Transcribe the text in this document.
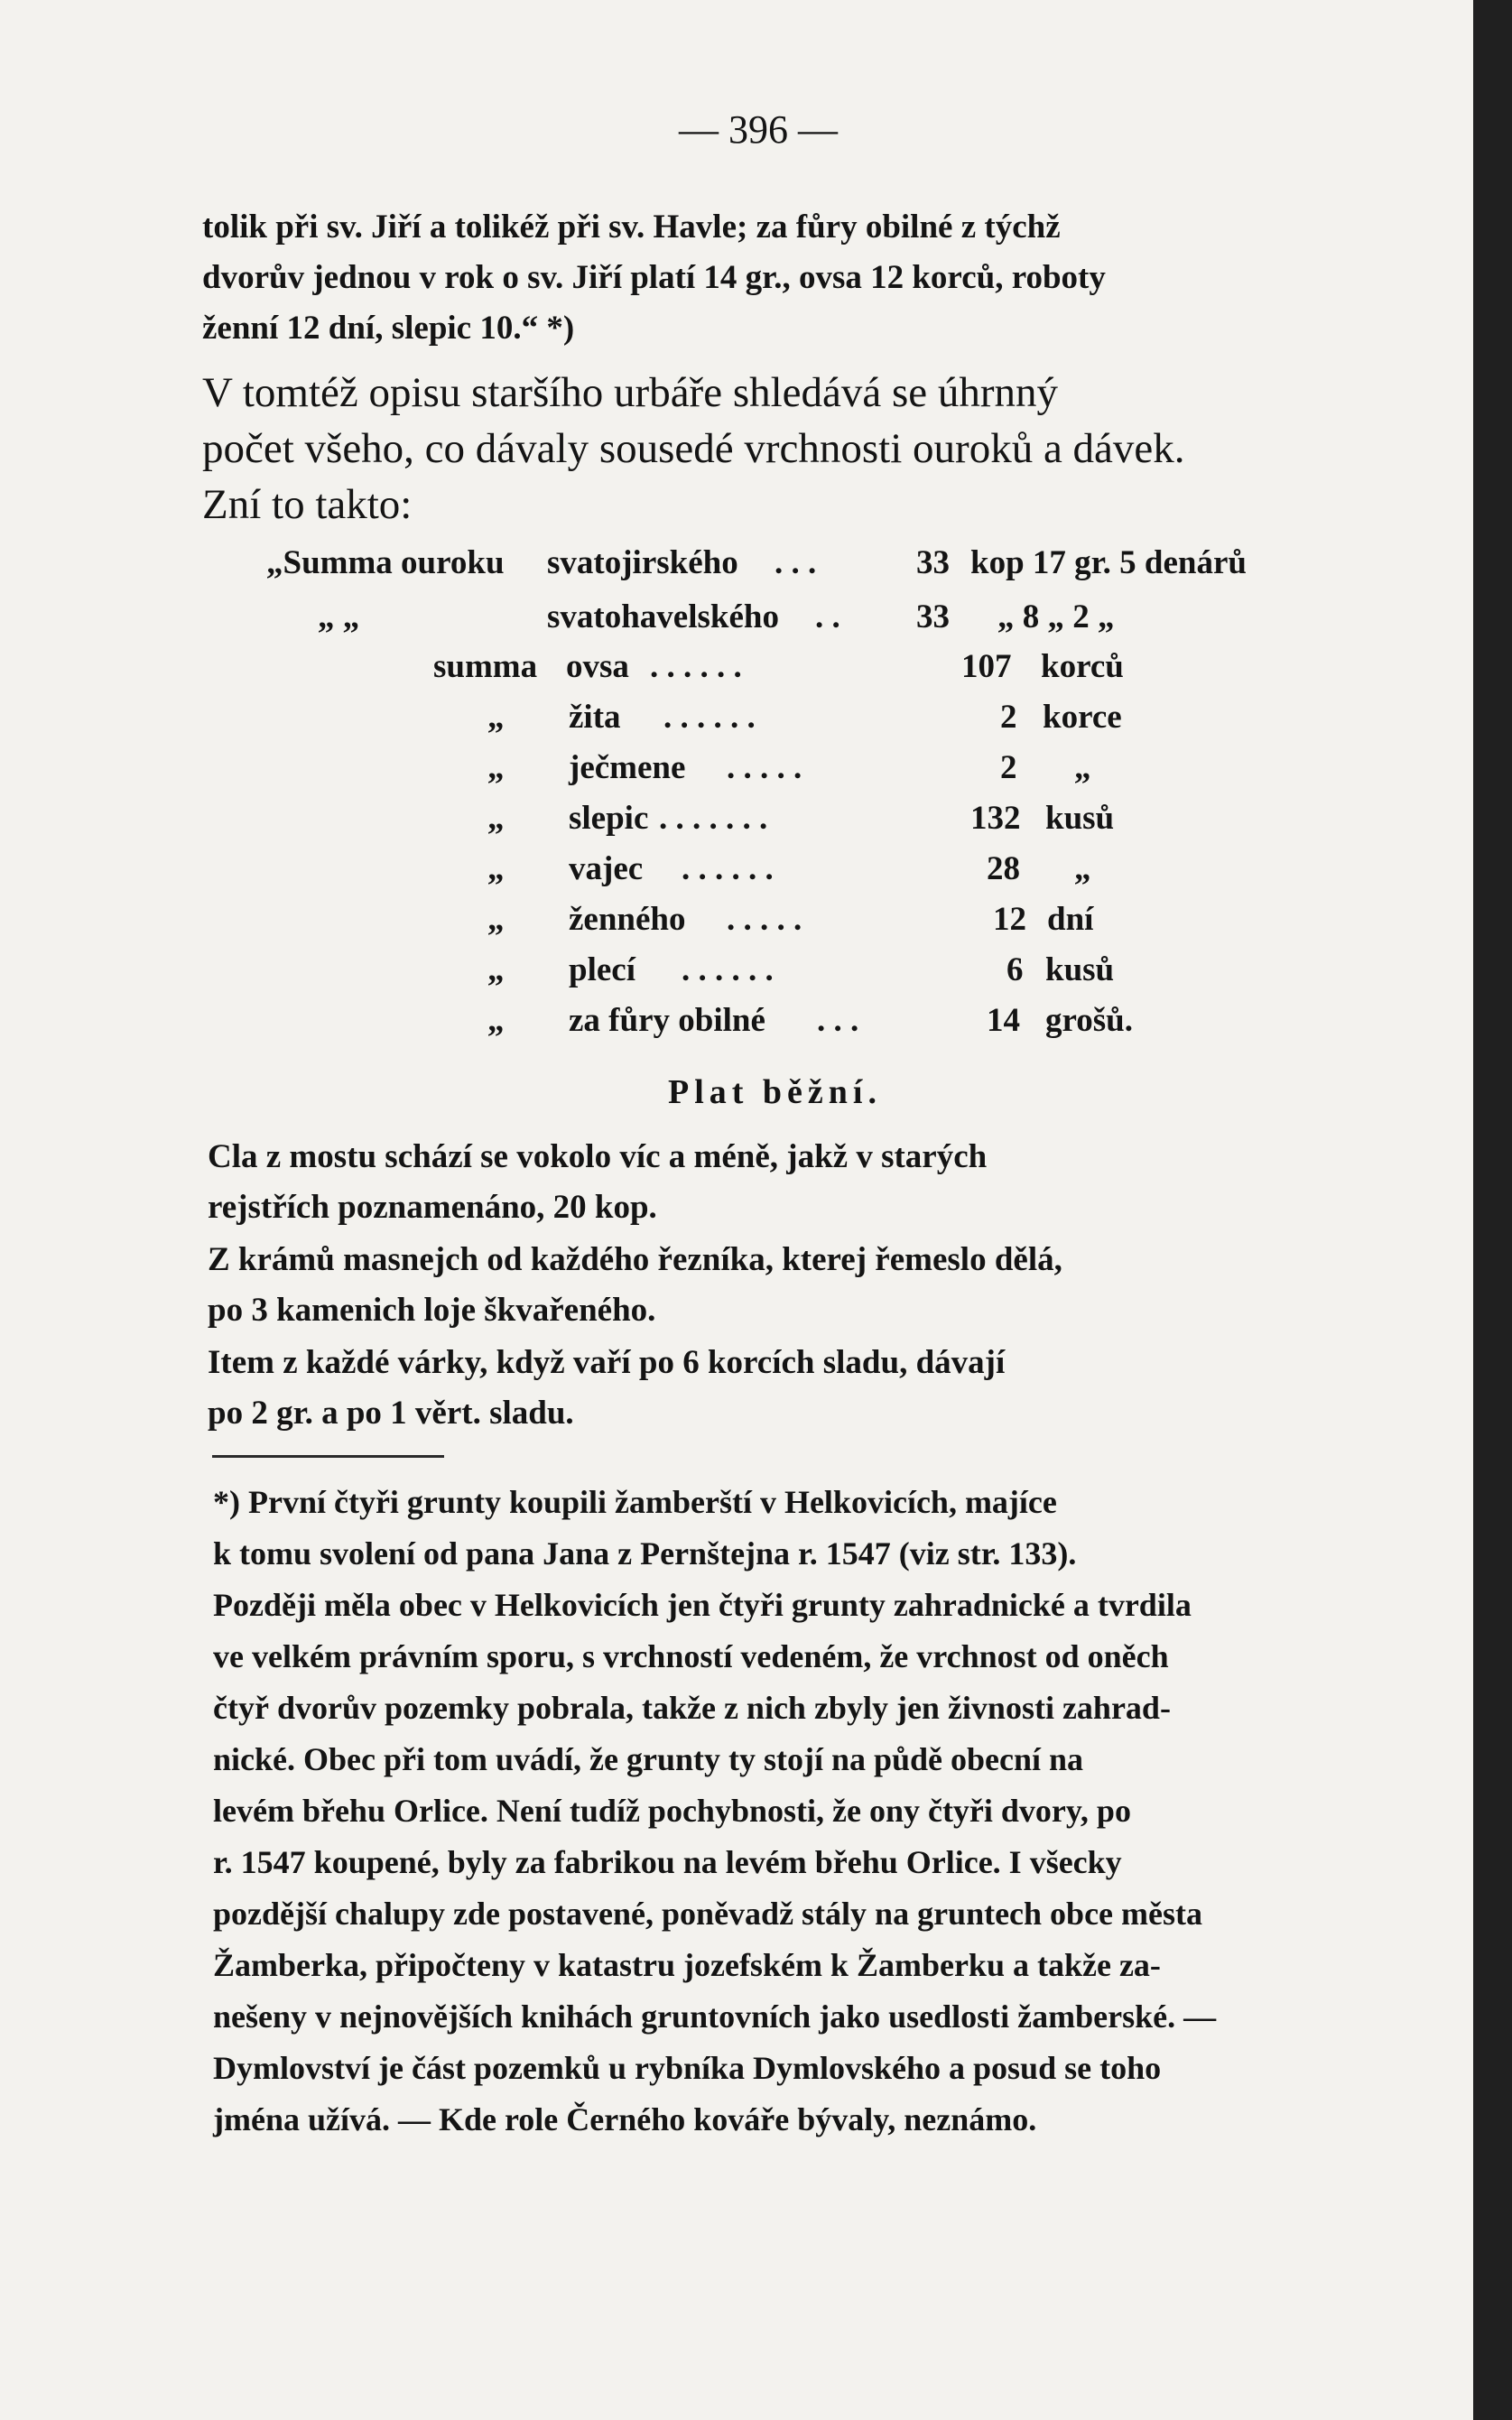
— 396 —
tolik při sv. Jiří a tolikéž při sv. Havle; za fůry obilné z týchž
dvorův jednou v rok o sv. Jiří platí 14 gr., ovsa 12 korců, roboty
ženní 12 dní, slepic 10.“ *)
V tomtéž opisu staršího urbáře shledává se úhrnný
počet všeho, co dávaly sousedé vrchnosti ouroků a dávek.
Zní to takto:
„Summa ouroku svatojirského . . .	33 kop 17 gr. 5 denárů
„ „	svatohavelského . . 33 „ 8 „ 2 „
summa ovsa . . . . . .	107 korců
„ žita . . . . . .	2 korce
„ ječmene . . . . .	2 „
„ slepic . . . . . . .	132 kusů
„ vajec . . . . . .	28 „
„ ženného . . . . .	12 dní
„ plecí . . . . . .	6 kusů
„ za fůry obilné . . .	14 grošů.
Plat běžní.
Cla z mostu schází se vokolo víc a méně, jakž v starých
rejstřích poznamenáno, 20 kop.
Z krámů masnejch od každého řezníka, kterej řemeslo dělá,
po 3 kamenich loje škvařeného.
Item z každé várky, když vaří po 6 korcích sladu, dávají
po 2 gr. a po 1 věrt. sladu.
*) První čtyři grunty koupili žamberští v Helkovicích, majíce
k tomu svolení od pana Jana z Pernštejna r. 1547 (viz str. 133).
Později měla obec v Helkovicích jen čtyři grunty zahradnické a tvrdila
ve velkém právním sporu, s vrchností vedeném, že vrchnost od oněch
čtyř dvorův pozemky pobrala, takže z nich zbyly jen živnosti zahrad-
nické. Obec při tom uvádí, že grunty ty stojí na půdě obecní na
levém břehu Orlice. Není tudíž pochybnosti, že ony čtyři dvory, po
r. 1547 koupené, byly za fabrikou na levém břehu Orlice. I všecky
pozdější chalupy zde postavené, poněvadž stály na gruntech obce města
Žamberka, připočteny v katastru jozefském k Žamberku a takže za-
nešeny v nejnovějších knihách gruntovních jako usedlosti žamberské. —
Dymlovství je část pozemků u rybníka Dymlovského a posud se toho
jména užívá. — Kde role Černého kováře bývaly, neznámo.
